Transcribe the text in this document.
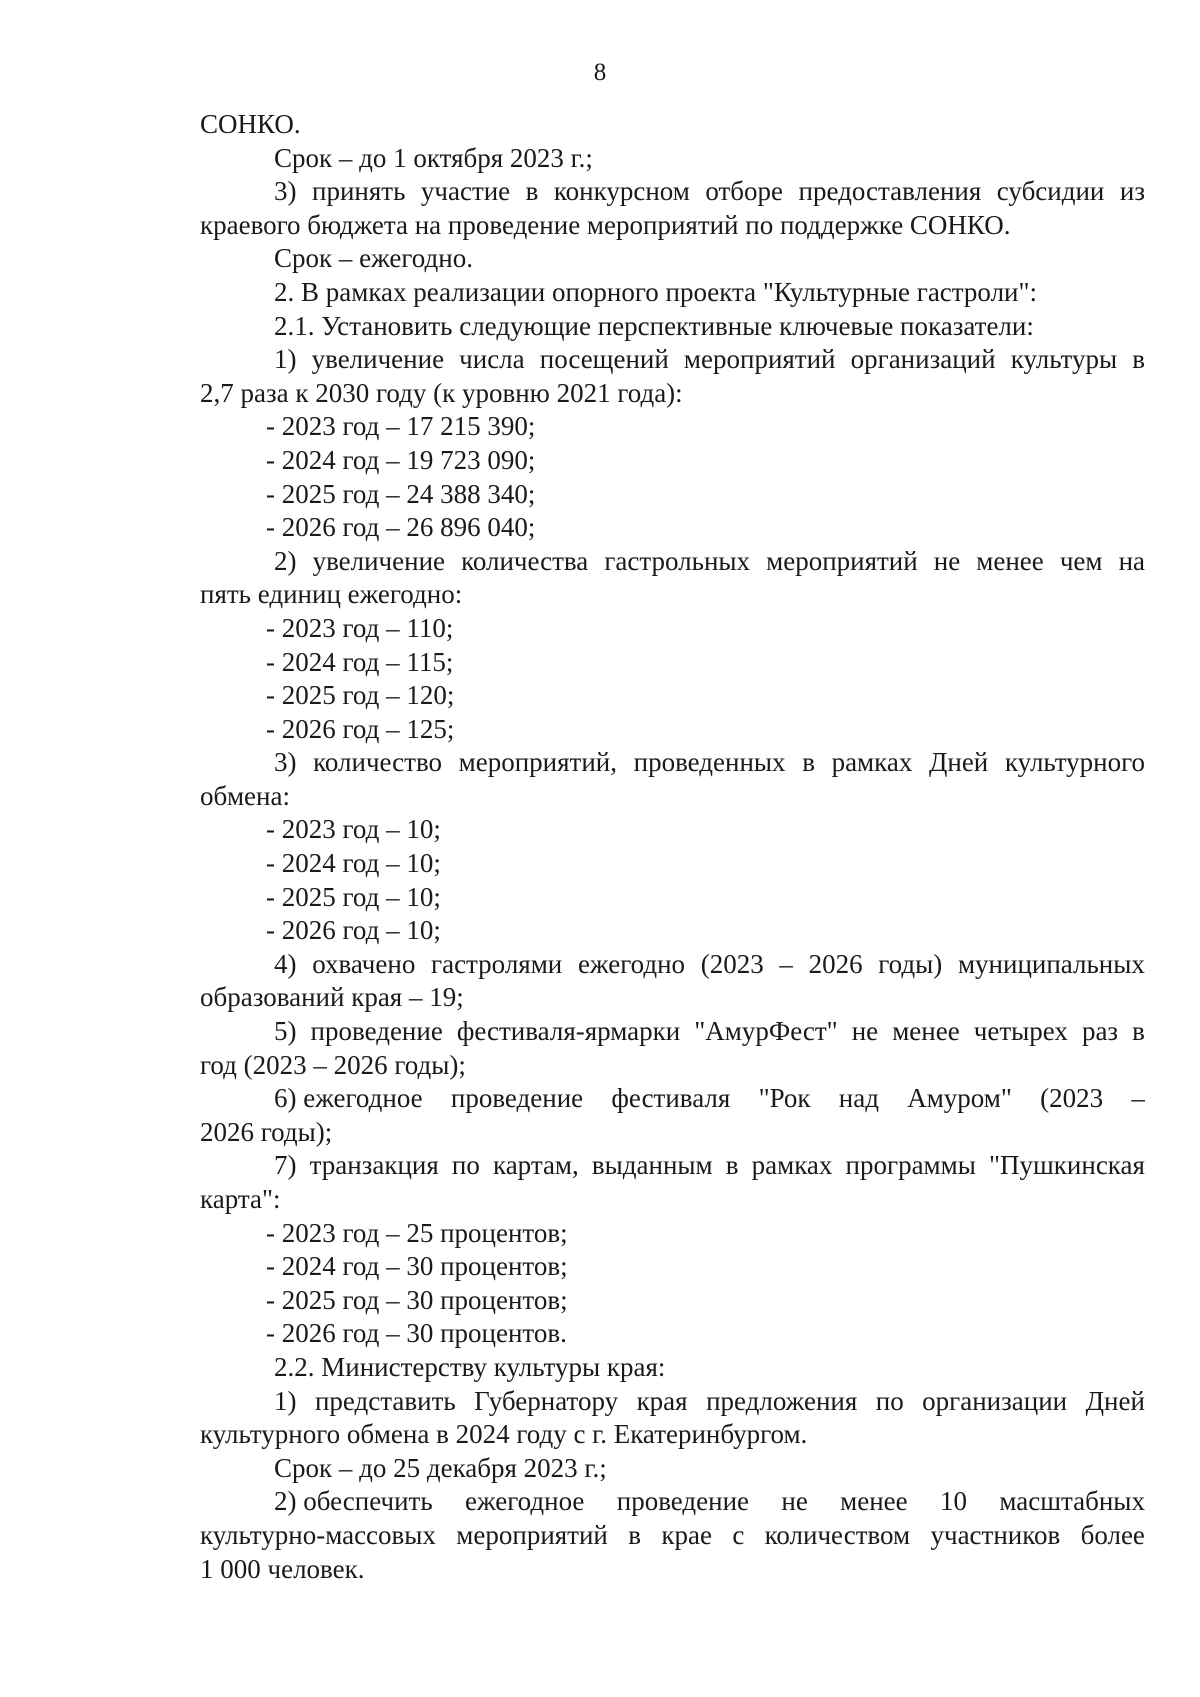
8
СОНКО.
Срок – до 1 октября 2023 г.;
3) принять участие в конкурсном отборе предоставления субсидии из
краевого бюджета на проведение мероприятий по поддержке СОНКО.
Срок – ежегодно.
2. В рамках реализации опорного проекта "Культурные гастроли":
2.1. Установить следующие перспективные ключевые показатели:
1) увеличение числа посещений мероприятий организаций культуры в
2,7 раза к 2030 году (к уровню 2021 года):
- 2023 год – 17 215 390;
- 2024 год – 19 723 090;
- 2025 год – 24 388 340;
- 2026 год – 26 896 040;
2) увеличение количества гастрольных мероприятий не менее чем на
пять единиц ежегодно:
- 2023 год – 110;
- 2024 год – 115;
- 2025 год – 120;
- 2026 год – 125;
3) количество мероприятий, проведенных в рамках Дней культурного
обмена:
- 2023 год – 10;
- 2024 год – 10;
- 2025 год – 10;
- 2026 год – 10;
4) охвачено гастролями ежегодно (2023 – 2026 годы) муниципальных
образований края – 19;
5) проведение фестиваля-ярмарки "АмурФест" не менее четырех раз в
год (2023 – 2026 годы);
6) ежегодное проведение фестиваля "Рок над Амуром" (2023 –
2026 годы);
7) транзакция по картам, выданным в рамках программы "Пушкинская
карта":
- 2023 год – 25 процентов;
- 2024 год – 30 процентов;
- 2025 год – 30 процентов;
- 2026 год – 30 процентов.
2.2. Министерству культуры края:
1) представить Губернатору края предложения по организации Дней
культурного обмена в 2024 году с г. Екатеринбургом.
Срок – до 25 декабря 2023 г.;
2) обеспечить ежегодное проведение не менее 10 масштабных
культурно-массовых мероприятий в крае с количеством участников более
1 000 человек.
